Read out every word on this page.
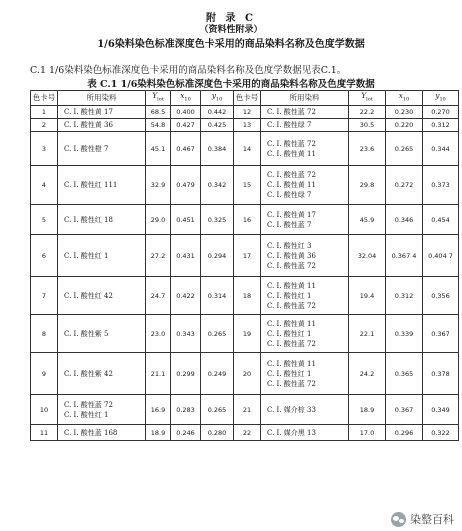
附 录 C
（资料性附录）
1/6染料染色标准深度色卡采用的商品染料名称及色度学数据
C.1 1/6染料染色标准深度色卡采用的商品染料名称及色度学数据见表C.1。
表 C.1 1/6染料染色标准深度色卡采用的商品染料名称及色度学数据
色卡号	所用染料	$Y_{lot}$	$x_{10}$	$y_{10}$	色卡号	所用染料	$Y_{lot}$	$x_{10}$	$y_{10}$
1	C. I. 酸性黄 17	68.5	0.400	0.442	12	C. I. 酸性蓝 72	22.2	0.230	0.270
2	C. I. 酸性黄 36	54.8	0.427	0.425	13	C. I. 酸性绿 7	30.5	0.220	0.312
3	C. I. 酸性橙 7	45.1	0.467	0.384	14	C. I. 酸性蓝 72
C. I. 酸性黄 11	23.6	0.265	0.344
4	C. I. 酸性红 111	32.9	0.479	0.342	15	C. I. 酸性蓝 72
C. I. 酸性黄 11
C. I. 酸性绿 7	29.8	0.272	0.373
5	C. I. 酸性红 18	29.0	0.451	0.325	16	C. I. 酸性黄 17
C. I. 酸性蓝 7	45.9	0.346	0.454
6	C. I. 酸性红 1	27.2	0.431	0.294	17	C. I. 酸性红 3
C. I. 酸性黄 36
C. I. 酸性蓝 72	32.04	0.367 4	0.404 7
7	C. I. 酸性红 42	24.7	0.422	0.314	18	C. I. 酸性黄 11
C. I. 酸性红 1
C. I. 酸性蓝 72	19.4	0.312	0.356
8	C. I. 酸性紫 5	23.0	0.343	0.265	19	C. I. 酸性黄 11
C. I. 酸性红 1
C. I. 酸性蓝 72	22.1	0.339	0.367
9	C. I. 酸性紫 42	21.1	0.299	0.249	20	C. I. 酸性黄 11
C. I. 酸性红 1
C. I. 酸性蓝 72	24.2	0.365	0.378
10	C. I. 酸性蓝 72
C. I. 酸性红 1	16.9	0.283	0.265	21	C. I. 媒介棕 33	18.9	0.367	0.349
11	C. I. 酸性蓝 168	18.9	0.246	0.280	22	C. I. 媒介黑 13	17.0	0.296	0.322
染整百科
